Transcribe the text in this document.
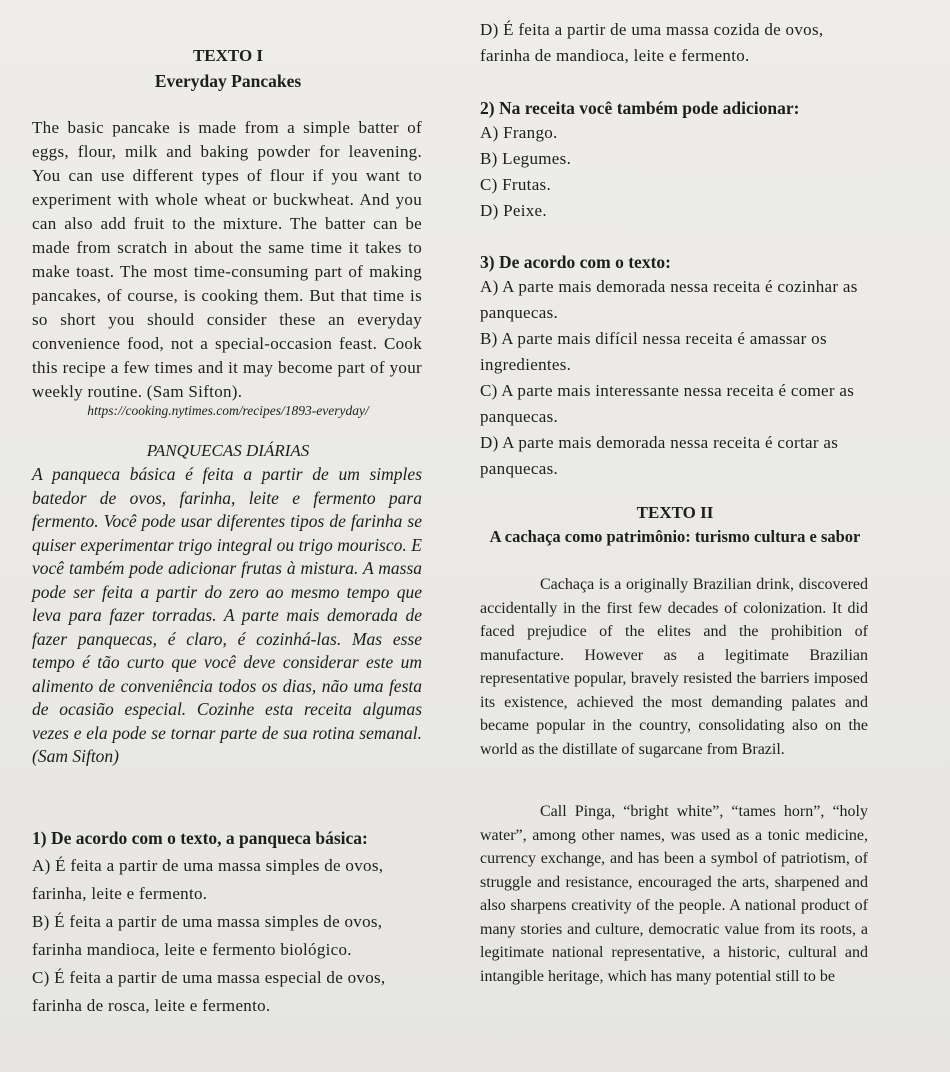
TEXTO I
Everyday Pancakes
The basic pancake is made from a simple batter of eggs, flour, milk and baking powder for leavening. You can use different types of flour if you want to experiment with whole wheat or buckwheat. And you can also add fruit to the mixture. The batter can be made from scratch in about the same time it takes to make toast. The most time-consuming part of making pancakes, of course, is cooking them. But that time is so short you should consider these an everyday convenience food, not a special-occasion feast. Cook this recipe a few times and it may become part of your weekly routine. (Sam Sifton).
https://cooking.nytimes.com/recipes/1893-everyday/
PANQUECAS DIÁRIAS
A panqueca básica é feita a partir de um simples batedor de ovos, farinha, leite e fermento para fermento. Você pode usar diferentes tipos de farinha se quiser experimentar trigo integral ou trigo mourisco. E você também pode adicionar frutas à mistura. A massa pode ser feita a partir do zero ao mesmo tempo que leva para fazer torradas. A parte mais demorada de fazer panquecas, é claro, é cozinhá-las. Mas esse tempo é tão curto que você deve considerar este um alimento de conveniência todos os dias, não uma festa de ocasião especial. Cozinhe esta receita algumas vezes e ela pode se tornar parte de sua rotina semanal. (Sam Sifton)

1) De acordo com o texto, a panqueca básica:

A) É feita a partir de uma massa simples de ovos, farinha, leite e fermento.

B) É feita a partir de uma massa simples de ovos, farinha mandioca, leite e fermento biológico.

C) É feita a partir de uma massa especial de ovos, farinha de rosca, leite e fermento.

D) É feita a partir de uma massa cozida de ovos, farinha de mandioca, leite e fermento.

2) Na receita você também pode adicionar:

A) Frango.

B) Legumes.

C) Frutas.

D) Peixe.

3) De acordo com o texto:

A) A parte mais demorada nessa receita é cozinhar as panquecas.

B) A parte mais difícil nessa receita é amassar os ingredientes.

C) A parte mais interessante nessa receita é comer as panquecas.

D) A parte mais demorada nessa receita é cortar as panquecas.

TEXTO II
A cachaça como patrimônio: turismo cultura e sabor
Cachaça is a originally Brazilian drink, discovered accidentally in the first few decades of colonization. It did faced prejudice of the elites and the prohibition of manufacture. However as a legitimate Brazilian representative popular, bravely resisted the barriers imposed its existence, achieved the most demanding palates and became popular in the country, consolidating also on the world as the distillate of sugarcane from Brazil.
Call Pinga, “bright white”, “tames horn”, “holy water”, among other names, was used as a tonic medicine, currency exchange, and has been a symbol of patriotism, of struggle and resistance, encouraged the arts, sharpened and also sharpens creativity of the people. A national product of many stories and culture, democratic value from its roots, a legitimate national representative, a historic, cultural and intangible heritage, which has many potential still to be
